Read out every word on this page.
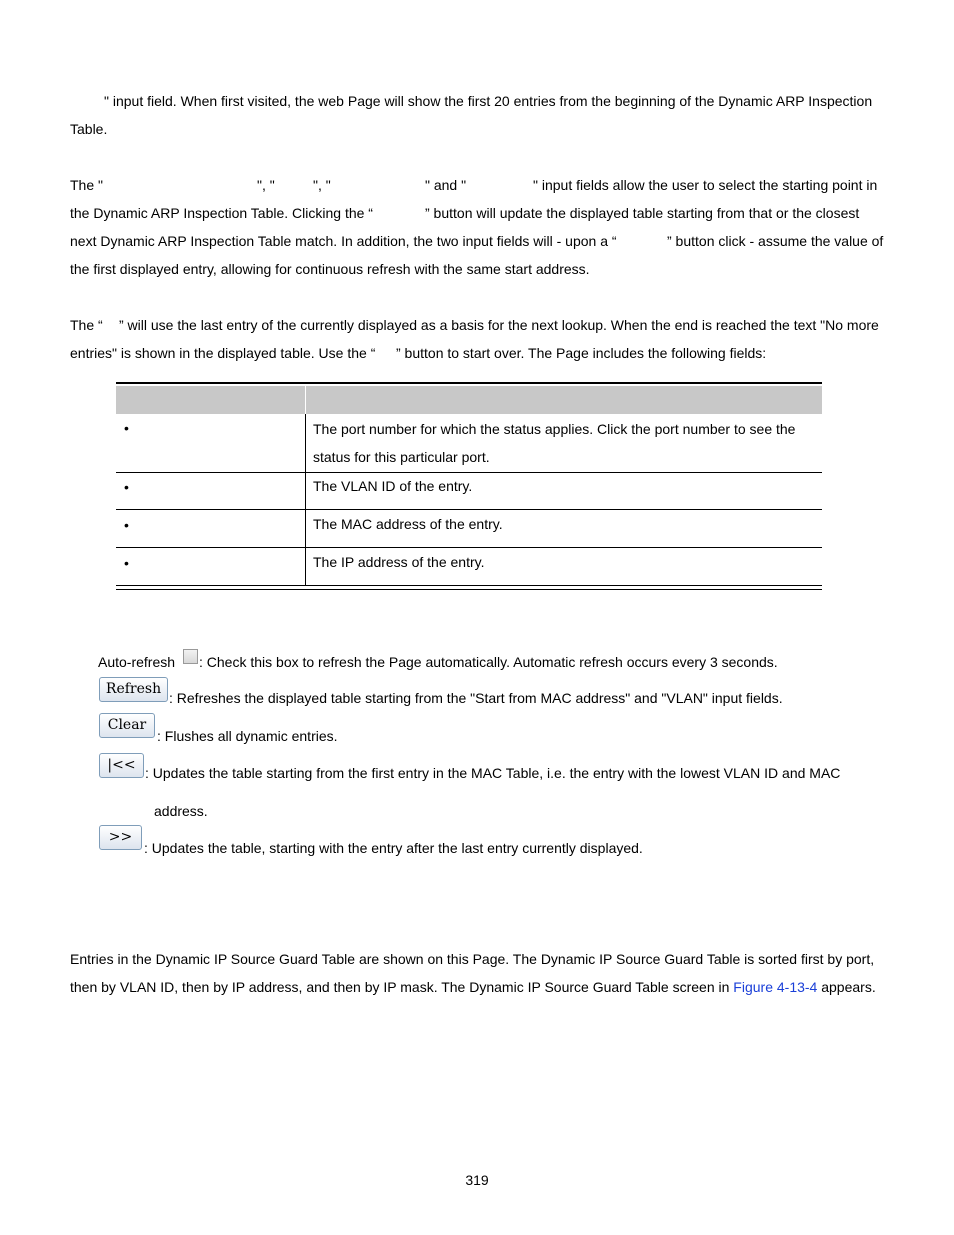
" input field. When first visited, the web Page will show the first 20 entries from the beginning of the Dynamic ARP Inspection
Table.
The "	", "	", "	" and "	" input fields allow the user to select the starting point in
the Dynamic ARP Inspection Table. Clicking the “	” button will update the displayed table starting from that or the closest
next Dynamic ARP Inspection Table match. In addition, the two input fields will - upon a “	” button click - assume the value of
the first displayed entry, allowing for continuous refresh with the same start address.
The “ ” will use the last entry of the currently displayed as a basis for the next lookup. When the end is reached the text "No more
entries" is shown in the displayed table. Use the “ ” button to start over. The Page includes the following fields:
•	The port number for which the status applies. Click the port number to see the
status for this particular port.
•	The VLAN ID of the entry.
•	The MAC address of the entry.
•	The IP address of the entry.
Auto-refresh : Check this box to refresh the Page automatically. Automatic refresh occurs every 3 seconds.
Refresh
: Refreshes the displayed table starting from the "Start from MAC address" and "VLAN" input fields.
Clear
: Flushes all dynamic entries.
|<< : Updates the table starting from the first entry in the MAC Table, i.e. the entry with the lowest VLAN ID and MAC
address.
>>
: Updates the table, starting with the entry after the last entry currently displayed.
Entries in the Dynamic IP Source Guard Table are shown on this Page. The Dynamic IP Source Guard Table is sorted first by port,
then by VLAN ID, then by IP address, and then by IP mask. The Dynamic IP Source Guard Table screen in Figure 4-13-4 appears.
319
